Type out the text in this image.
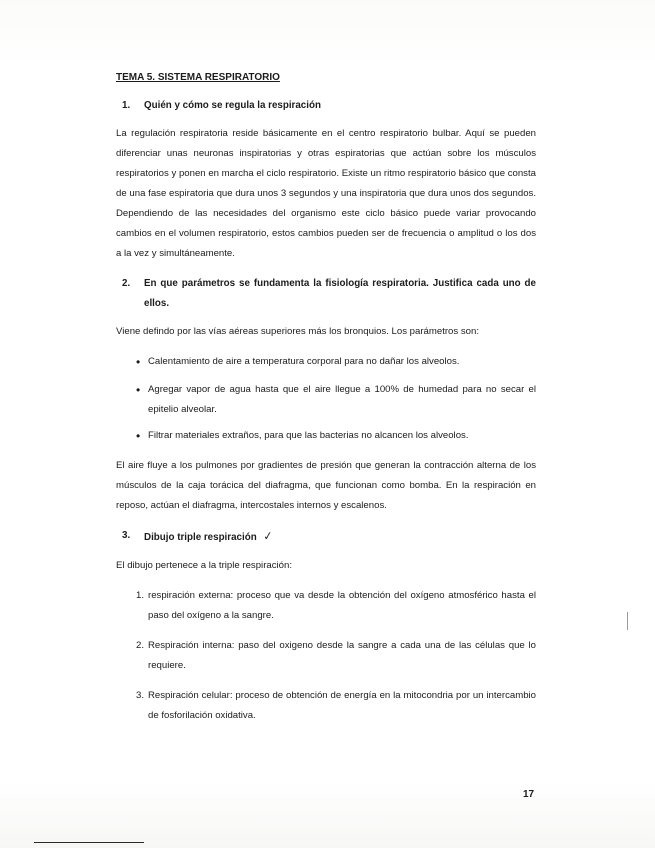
TEMA 5. SISTEMA RESPIRATORIO
1.	Quién y cómo se regula la respiración

La regulación respiratoria reside básicamente en el centro respiratorio bulbar. Aquí se pueden diferenciar unas neuronas inspiratorias y otras espiratorias que actúan sobre los músculos respiratorios y ponen en marcha el ciclo respiratorio. Existe un ritmo respiratorio básico que consta de una fase espiratoria que dura unos 3 segundos y una inspiratoria que dura unos dos segundos. Dependiendo de las necesidades del organismo este ciclo básico puede variar provocando cambios en el volumen respiratorio, estos cambios pueden ser de frecuencia o amplitud o los dos a la vez y simultáneamente.

2.	En que parámetros se fundamenta la fisiología respiratoria. Justifica cada uno de ellos.

Viene defindo por las vías aéreas superiores más los bronquios. Los parámetros son:

•
Calentamiento de aire a temperatura corporal para no dañar los alveolos.
•
Agregar vapor de agua hasta que el aire llegue a 100% de humedad para no secar el epitelio alveolar.
•
Filtrar materiales extraños, para que las bacterias no alcancen los alveolos.

El aire fluye a los pulmones por gradientes de presión que generan la contracción alterna de los músculos de la caja torácica del diafragma, que funcionan como bomba. En la respiración en reposo, actúan el diafragma, intercostales internos y escalenos.

3.	Dibujo triple respiración ✓

El dibujo pertenece a la triple respiración:

1. respiración externa: proceso que va desde la obtención del oxígeno atmosférico hasta el paso del oxígeno a la sangre.
2. Respiración interna: paso del oxigeno desde la sangre a cada una de las células que lo requiere.
3. Respiración celular: proceso de obtención de energía en la mitocondria por un intercambio de fosforilación oxidativa.
17
